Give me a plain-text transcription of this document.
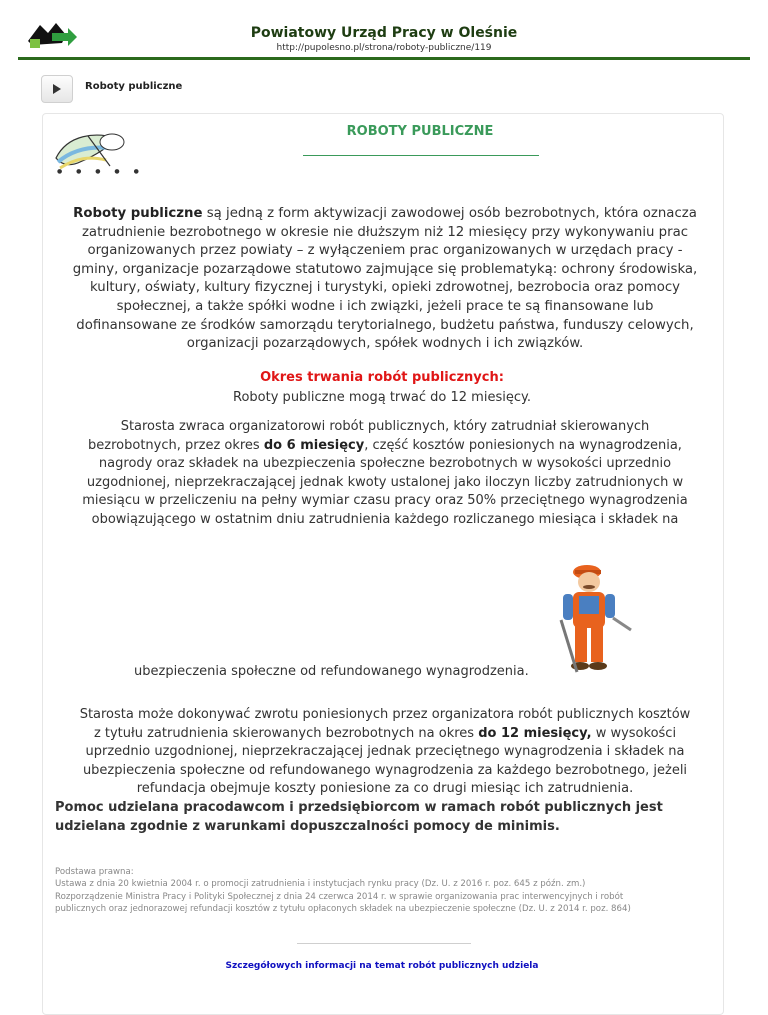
Powiatowy Urząd Pracy w Oleśnie
http://pupolesno.pl/strona/roboty-publiczne/119
Roboty publiczne
● ● ● ● ●
ROBOTY PUBLICZNE
Roboty publiczne są jedną z form aktywizacji zawodowej osób bezrobotnych, która oznacza
zatrudnienie bezrobotnego w okresie nie dłuższym niż 12 miesięcy przy wykonywaniu prac
organizowanych przez powiaty – z wyłączeniem prac organizowanych w urzędach pracy -
gminy, organizacje pozarządowe statutowo zajmujące się problematyką: ochrony środowiska,
kultury, oświaty, kultury fizycznej i turystyki, opieki zdrowotnej, bezrobocia oraz pomocy
społecznej, a także spółki wodne i ich związki, jeżeli prace te są finansowane lub
dofinansowane ze środków samorządu terytorialnego, budżetu państwa, funduszy celowych,
organizacji pozarządowych, spółek wodnych i ich związków.
Okres trwania robót publicznych:
Roboty publiczne mogą trwać do 12 miesięcy.
Starosta zwraca organizatorowi robót publicznych, który zatrudniał skierowanych
bezrobotnych, przez okres do 6 miesięcy, część kosztów poniesionych na wynagrodzenia,
nagrody oraz składek na ubezpieczenia społeczne bezrobotnych w wysokości uprzednio
uzgodnionej, nieprzekraczającej jednak kwoty ustalonej jako iloczyn liczby zatrudnionych w
miesiącu w przeliczeniu na pełny wymiar czasu pracy oraz 50% przeciętnego wynagrodzenia
obowiązującego w ostatnim dniu zatrudnienia każdego rozliczanego miesiąca i składek na
ubezpieczenia społeczne od refundowanego wynagrodzenia.
Starosta może dokonywać zwrotu poniesionych przez organizatora robót publicznych kosztów
z tytułu zatrudnienia skierowanych bezrobotnych na okres do 12 miesięcy, w wysokości
uprzednio uzgodnionej, nieprzekraczającej jednak przeciętnego wynagrodzenia i składek na
ubezpieczenia społeczne od refundowanego wynagrodzenia za każdego bezrobotnego, jeżeli
refundacja obejmuje koszty poniesione za co drugi miesiąc ich zatrudnienia.
Pomoc udzielana pracodawcom i przedsiębiorcom w ramach robót publicznych jest
udzielana zgodnie z warunkami dopuszczalności pomocy de minimis.
Podstawa prawna:
Ustawa z dnia 20 kwietnia 2004 r. o promocji zatrudnienia i instytucjach rynku pracy (Dz. U. z 2016 r. poz. 645 z późn. zm.)
Rozporządzenie Ministra Pracy i Polityki Społecznej z dnia 24 czerwca 2014 r. w sprawie organizowania prac interwencyjnych i robót
publicznych oraz jednorazowej refundacji kosztów z tytułu opłaconych składek na ubezpieczenie społeczne (Dz. U. z 2014 r. poz. 864)
Szczegółowych informacji na temat robót publicznych udziela
